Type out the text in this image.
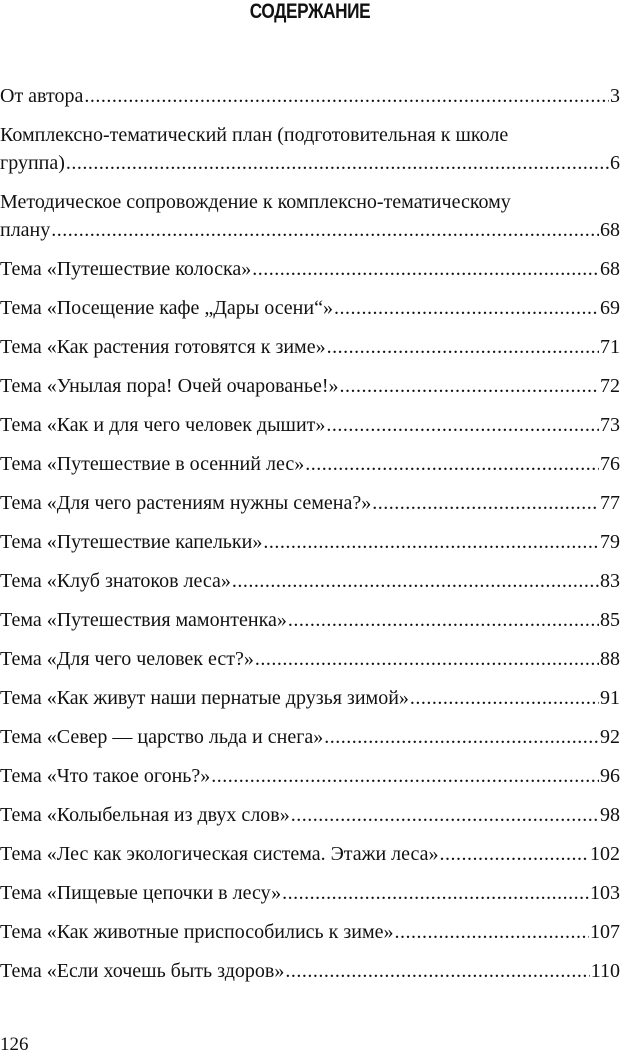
СОДЕРЖАНИЕ
От автора .....	3
Комплексно-тематический план (подготовительная к школе
группа) .....	6
Методическое сопровождение к комплексно-тематическому
плану .....	68
Тема «Путешествие колоска» .....	68
Тема «Посещение кафе „Дары осени“» .....	69
Тема «Как растения готовятся к зиме» .....	71
Тема «Унылая пора! Очей очарованье!» .....	72
Тема «Как и для чего человек дышит» .....	73
Тема «Путешествие в осенний лес» .....	76
Тема «Для чего растениям нужны семена?» .....	77
Тема «Путешествие капельки» .....	79
Тема «Клуб знатоков леса» .....	83
Тема «Путешествия мамонтенка» .....	85
Тема «Для чего человек ест?» .....	88
Тема «Как живут наши пернатые друзья зимой» .....	91
Тема «Север — царство льда и снега» .....	92
Тема «Что такое огонь?» .....	96
Тема «Колыбельная из двух слов» .....	98
Тема «Лес как экологическая система. Этажи леса» .....	102
Тема «Пищевые цепочки в лесу» .....	103
Тема «Как животные приспособились к зиме» .....	107
Тема «Если хочешь быть здоров» .....	110
126
